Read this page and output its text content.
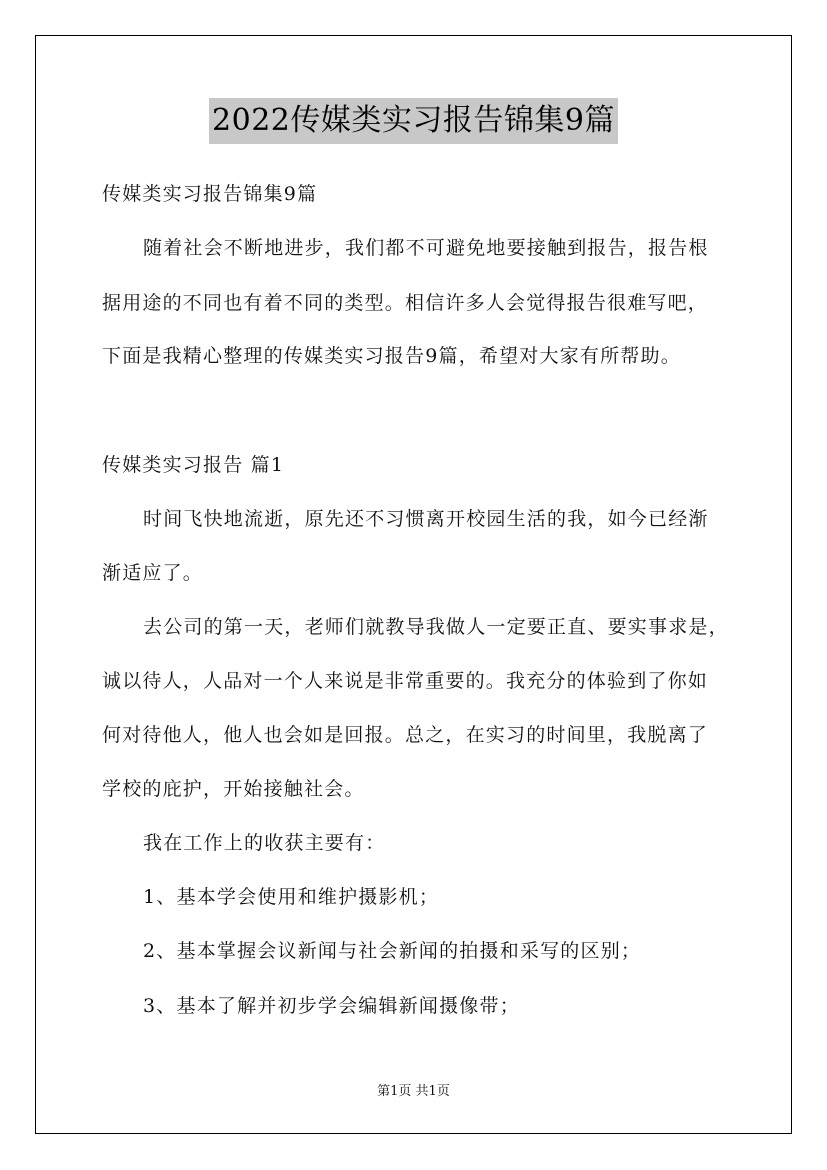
2022传媒类实习报告锦集9篇
传媒类实习报告锦集9篇
随着社会不断地进步，我们都不可避免地要接触到报告，报告根
据用途的不同也有着不同的类型。相信许多人会觉得报告很难写吧，
下面是我精心整理的传媒类实习报告9篇，希望对大家有所帮助。
传媒类实习报告 篇1
时间飞快地流逝，原先还不习惯离开校园生活的我，如今已经渐
渐适应了。
去公司的第一天，老师们就教导我做人一定要正直、要实事求是，
诚以待人，人品对一个人来说是非常重要的。我充分的体验到了你如
何对待他人，他人也会如是回报。总之，在实习的时间里，我脱离了
学校的庇护，开始接触社会。
我在工作上的收获主要有：
1、基本学会使用和维护摄影机；
2、基本掌握会议新闻与社会新闻的拍摄和采写的区别；
3、基本了解并初步学会编辑新闻摄像带；
第1页 共1页
